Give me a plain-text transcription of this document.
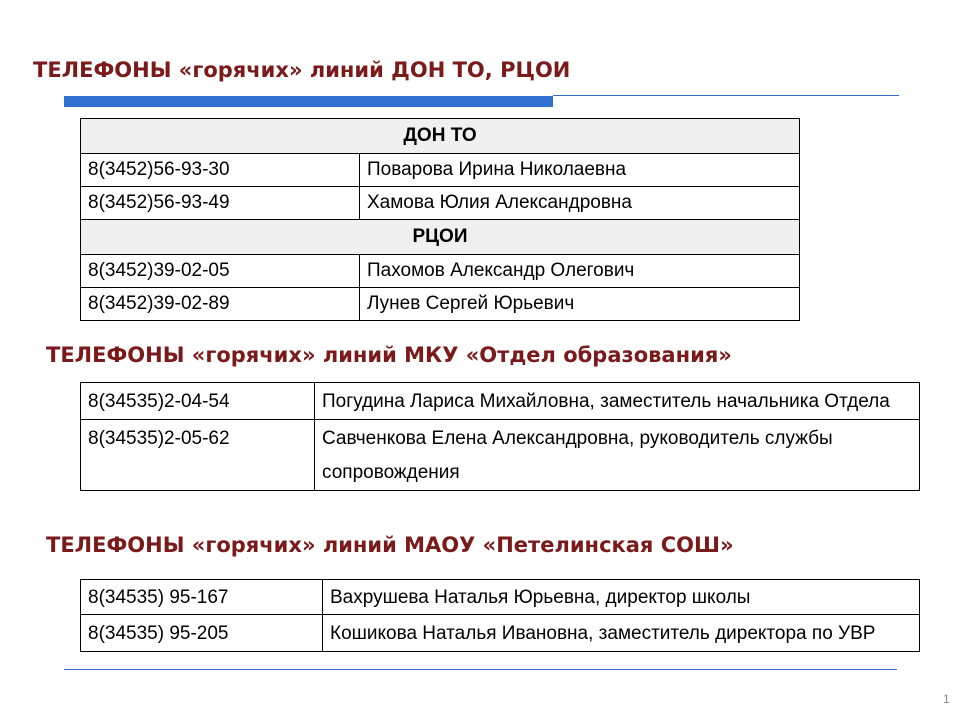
ТЕЛЕФОНЫ «горячих» линий ДОН ТО, РЦОИ
ДОН ТО	
8(3452)56-93-30	Поварова Ирина Николаевна
8(3452)56-93-49	Хамова Юлия Александровна
РЦОИ	
8(3452)39-02-05	Пахомов Александр Олегович
8(3452)39-02-89	Лунев Сергей Юрьевич
ТЕЛЕФОНЫ «горячих» линий МКУ «Отдел образования»
8(34535)2-04-54	Погудина Лариса Михайловна, заместитель начальника Отдела
8(34535)2-05-62	Савченкова Елена Александровна, руководитель службы сопровождения
ТЕЛЕФОНЫ «горячих» линий МАОУ «Петелинская СОШ»
8(34535) 95-167	Вахрушева Наталья Юрьевна, директор школы
8(34535) 95-205	Кошикова Наталья Ивановна, заместитель директора по УВР
1
